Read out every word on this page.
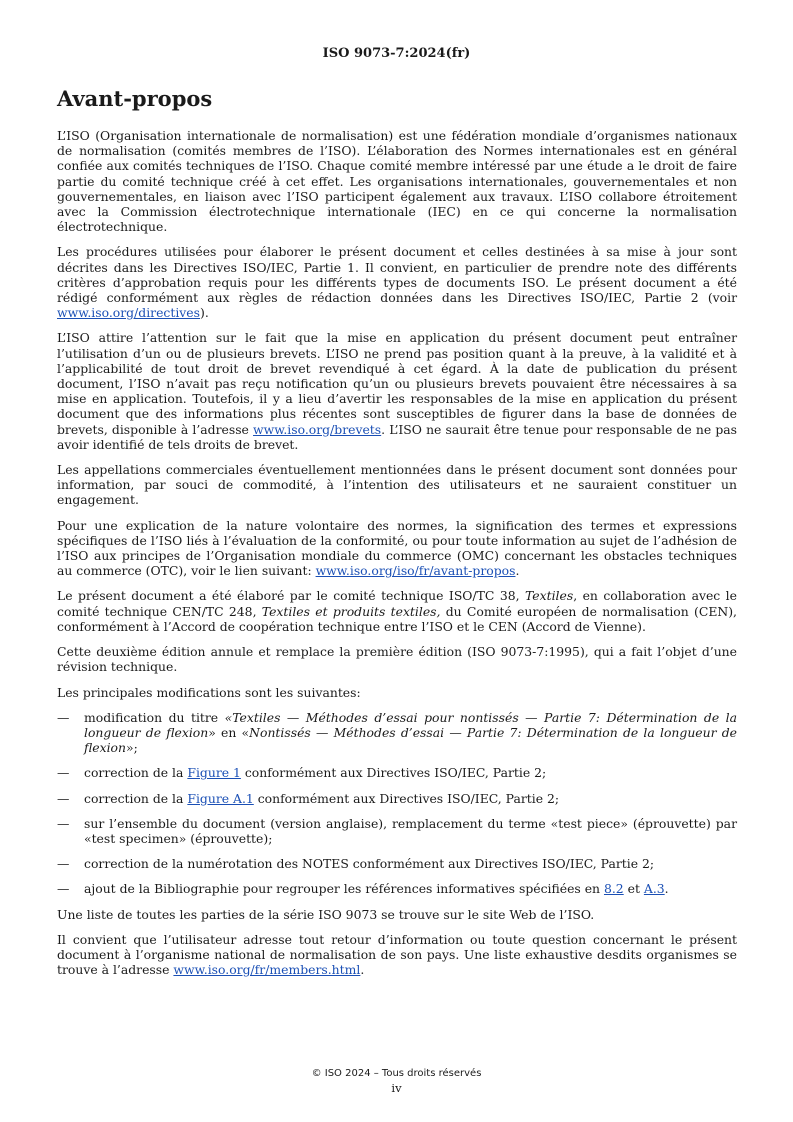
ISO 9073-7:2024(fr)
Avant-propos

L’ISO (Organisation internationale de normalisation) est une fédération mondiale d’organismes nationaux de normalisation (comités membres de l’ISO). L’élaboration des Normes internationales est en général confiée aux comités techniques de l’ISO. Chaque comité membre intéressé par une étude a le droit de faire partie du comité technique créé à cet effet. Les organisations internationales, gouvernementales et non gouvernementales, en liaison avec l’ISO participent également aux travaux. L’ISO collabore étroitement avec la Commission électrotechnique internationale (IEC) en ce qui concerne la normalisation électrotechnique.

Les procédures utilisées pour élaborer le présent document et celles destinées à sa mise à jour sont décrites dans les Directives ISO/IEC, Partie 1. Il convient, en particulier de prendre note des différents critères d’approbation requis pour les différents types de documents ISO. Le présent document a été rédigé conformément aux règles de rédaction données dans les Directives ISO/IEC, Partie 2 (voir www.iso.org/directives).

L’ISO attire l’attention sur le fait que la mise en application du présent document peut entraîner l’utilisation d’un ou de plusieurs brevets. L’ISO ne prend pas position quant à la preuve, à la validité et à l’applicabilité de tout droit de brevet revendiqué à cet égard. À la date de publication du présent document, l’ISO n’avait pas reçu notification qu’un ou plusieurs brevets pouvaient être nécessaires à sa mise en application. Toutefois, il y a lieu d’avertir les responsables de la mise en application du présent document que des informations plus récentes sont susceptibles de figurer dans la base de données de brevets, disponible à l’adresse www.iso.org/brevets. L’ISO ne saurait être tenue pour responsable de ne pas avoir identifié de tels droits de brevet.

Les appellations commerciales éventuellement mentionnées dans le présent document sont données pour information, par souci de commodité, à l’intention des utilisateurs et ne sauraient constituer un engagement.

Pour une explication de la nature volontaire des normes, la signification des termes et expressions spécifiques de l’ISO liés à l’évaluation de la conformité, ou pour toute information au sujet de l’adhésion de l’ISO aux principes de l’Organisation mondiale du commerce (OMC) concernant les obstacles techniques au commerce (OTC), voir le lien suivant: www.iso.org/iso/fr/avant-propos.

Le présent document a été élaboré par le comité technique ISO/TC 38, Textiles, en collaboration avec le comité technique CEN/TC 248, Textiles et produits textiles, du Comité européen de normalisation (CEN), conformément à l’Accord de coopération technique entre l’ISO et le CEN (Accord de Vienne).

Cette deuxième édition annule et remplace la première édition (ISO 9073-7:1995), qui a fait l’objet d’une révision technique.

Les principales modifications sont les suivantes:

— modification du titre «Textiles — Méthodes d’essai pour nontissés — Partie 7: Détermination de la longueur de flexion» en «Nontissés — Méthodes d’essai — Partie 7: Détermination de la longueur de flexion»;
— correction de la Figure 1 conformément aux Directives ISO/IEC, Partie 2;
— correction de la Figure A.1 conformément aux Directives ISO/IEC, Partie 2;
— sur l’ensemble du document (version anglaise), remplacement du terme «test piece» (éprouvette) par «test specimen» (éprouvette);
— correction de la numérotation des NOTES conformément aux Directives ISO/IEC, Partie 2;
— ajout de la Bibliographie pour regrouper les références informatives spécifiées en 8.2 et A.3.

Une liste de toutes les parties de la série ISO 9073 se trouve sur le site Web de l’ISO.

Il convient que l’utilisateur adresse tout retour d’information ou toute question concernant le présent document à l’organisme national de normalisation de son pays. Une liste exhaustive desdits organismes se trouve à l’adresse www.iso.org/fr/members.html.

© ISO 2024 – Tous droits réservés
iv
